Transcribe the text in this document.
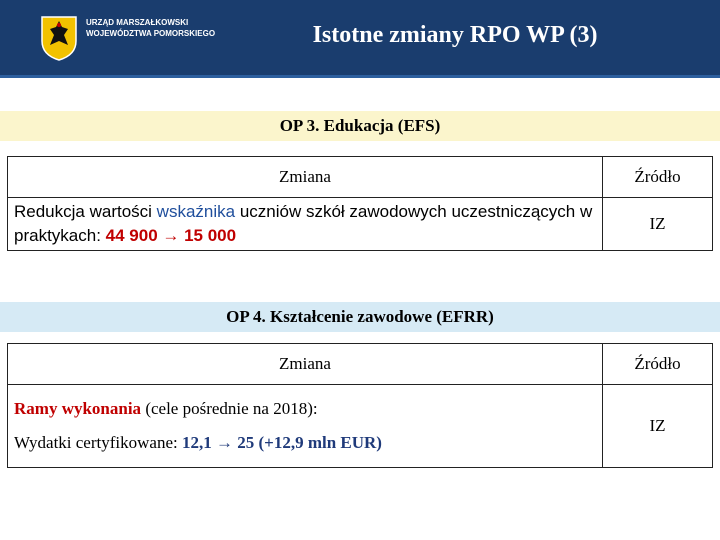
URZĄD MARSZAŁKOWSKI
WOJEWÓDZTWA POMORSKIEGO	Istotne zmiany RPO WP (3)
OP 3. Edukacja (EFS)
Zmiana	Źródło
Redukcja wartości wskaźnika uczniów szkół zawodowych uczestniczących w praktykach: 44 900 → 15 000	IZ
OP 4. Kształcenie zawodowe (EFRR)
Zmiana	Źródło

Ramy wykonania (cele pośrednie na 2018):
Wydatki certyfikowane: 12,1 → 25 (+12,9 mln EUR)	IZ
